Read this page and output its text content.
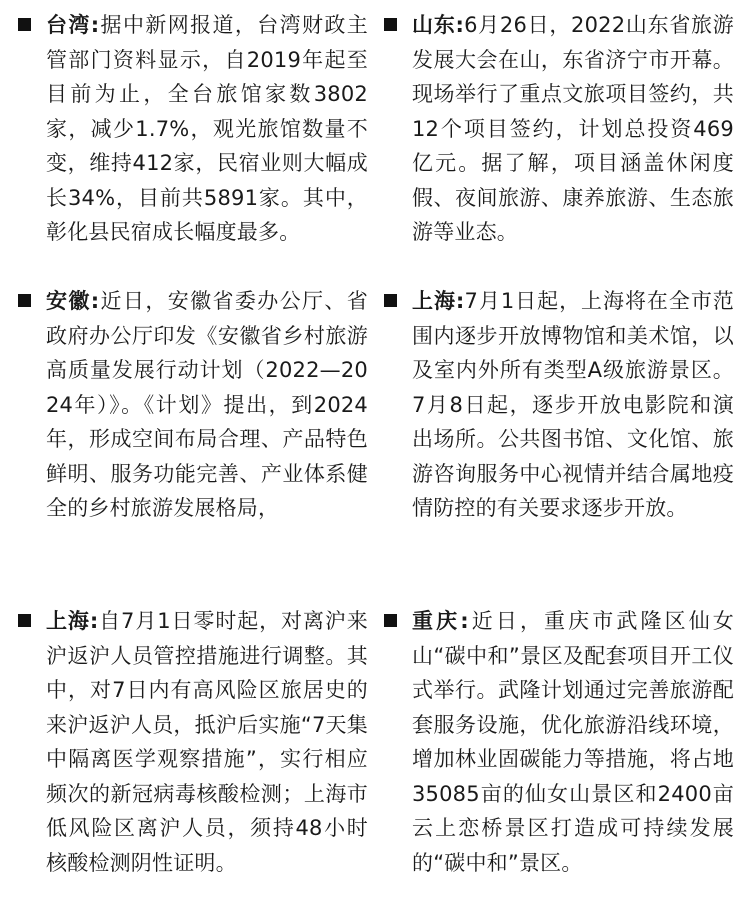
台湾:据中新网报道，台湾财政主管部门资料显示，自2019年起至目前为止，全台旅馆家数3802家，减少1.7%，观光旅馆数量不变，维持412家，民宿业则大幅成长34%，目前共5891家。其中，彰化县民宿成长幅度最多。
安徽:近日，安徽省委办公厅、省政府办公厅印发《安徽省乡村旅游高质量发展行动计划（2022—2024年）》。《计划》提出，到2024年，形成空间布局合理、产品特色鲜明、服务功能完善、产业体系健全的乡村旅游发展格局，
上海:自7月1日零时起，对离沪来沪返沪人员管控措施进行调整。其中，对7日内有高风险区旅居史的来沪返沪人员，抵沪后实施“7天集中隔离医学观察措施”，实行相应频次的新冠病毒核酸检测；上海市低风险区离沪人员，须持48小时核酸检测阴性证明。
山东:6月26日，2022山东省旅游发展大会在山，东省济宁市开幕。现场举行了重点文旅项目签约，共12个项目签约，计划总投资469亿元。据了解，项目涵盖休闲度假、夜间旅游、康养旅游、生态旅游等业态。
上海:7月1日起，上海将在全市范围内逐步开放博物馆和美术馆，以及室内外所有类型A级旅游景区。7月8日起，逐步开放电影院和演出场所。公共图书馆、文化馆、旅游咨询服务中心视情并结合属地疫情防控的有关要求逐步开放。
重庆:近日，重庆市武隆区仙女山“碳中和”景区及配套项目开工仪式举行。武隆计划通过完善旅游配套服务设施，优化旅游沿线环境，增加林业固碳能力等措施，将占地35085亩的仙女山景区和2400亩云上恋桥景区打造成可持续发展的“碳中和”景区。
